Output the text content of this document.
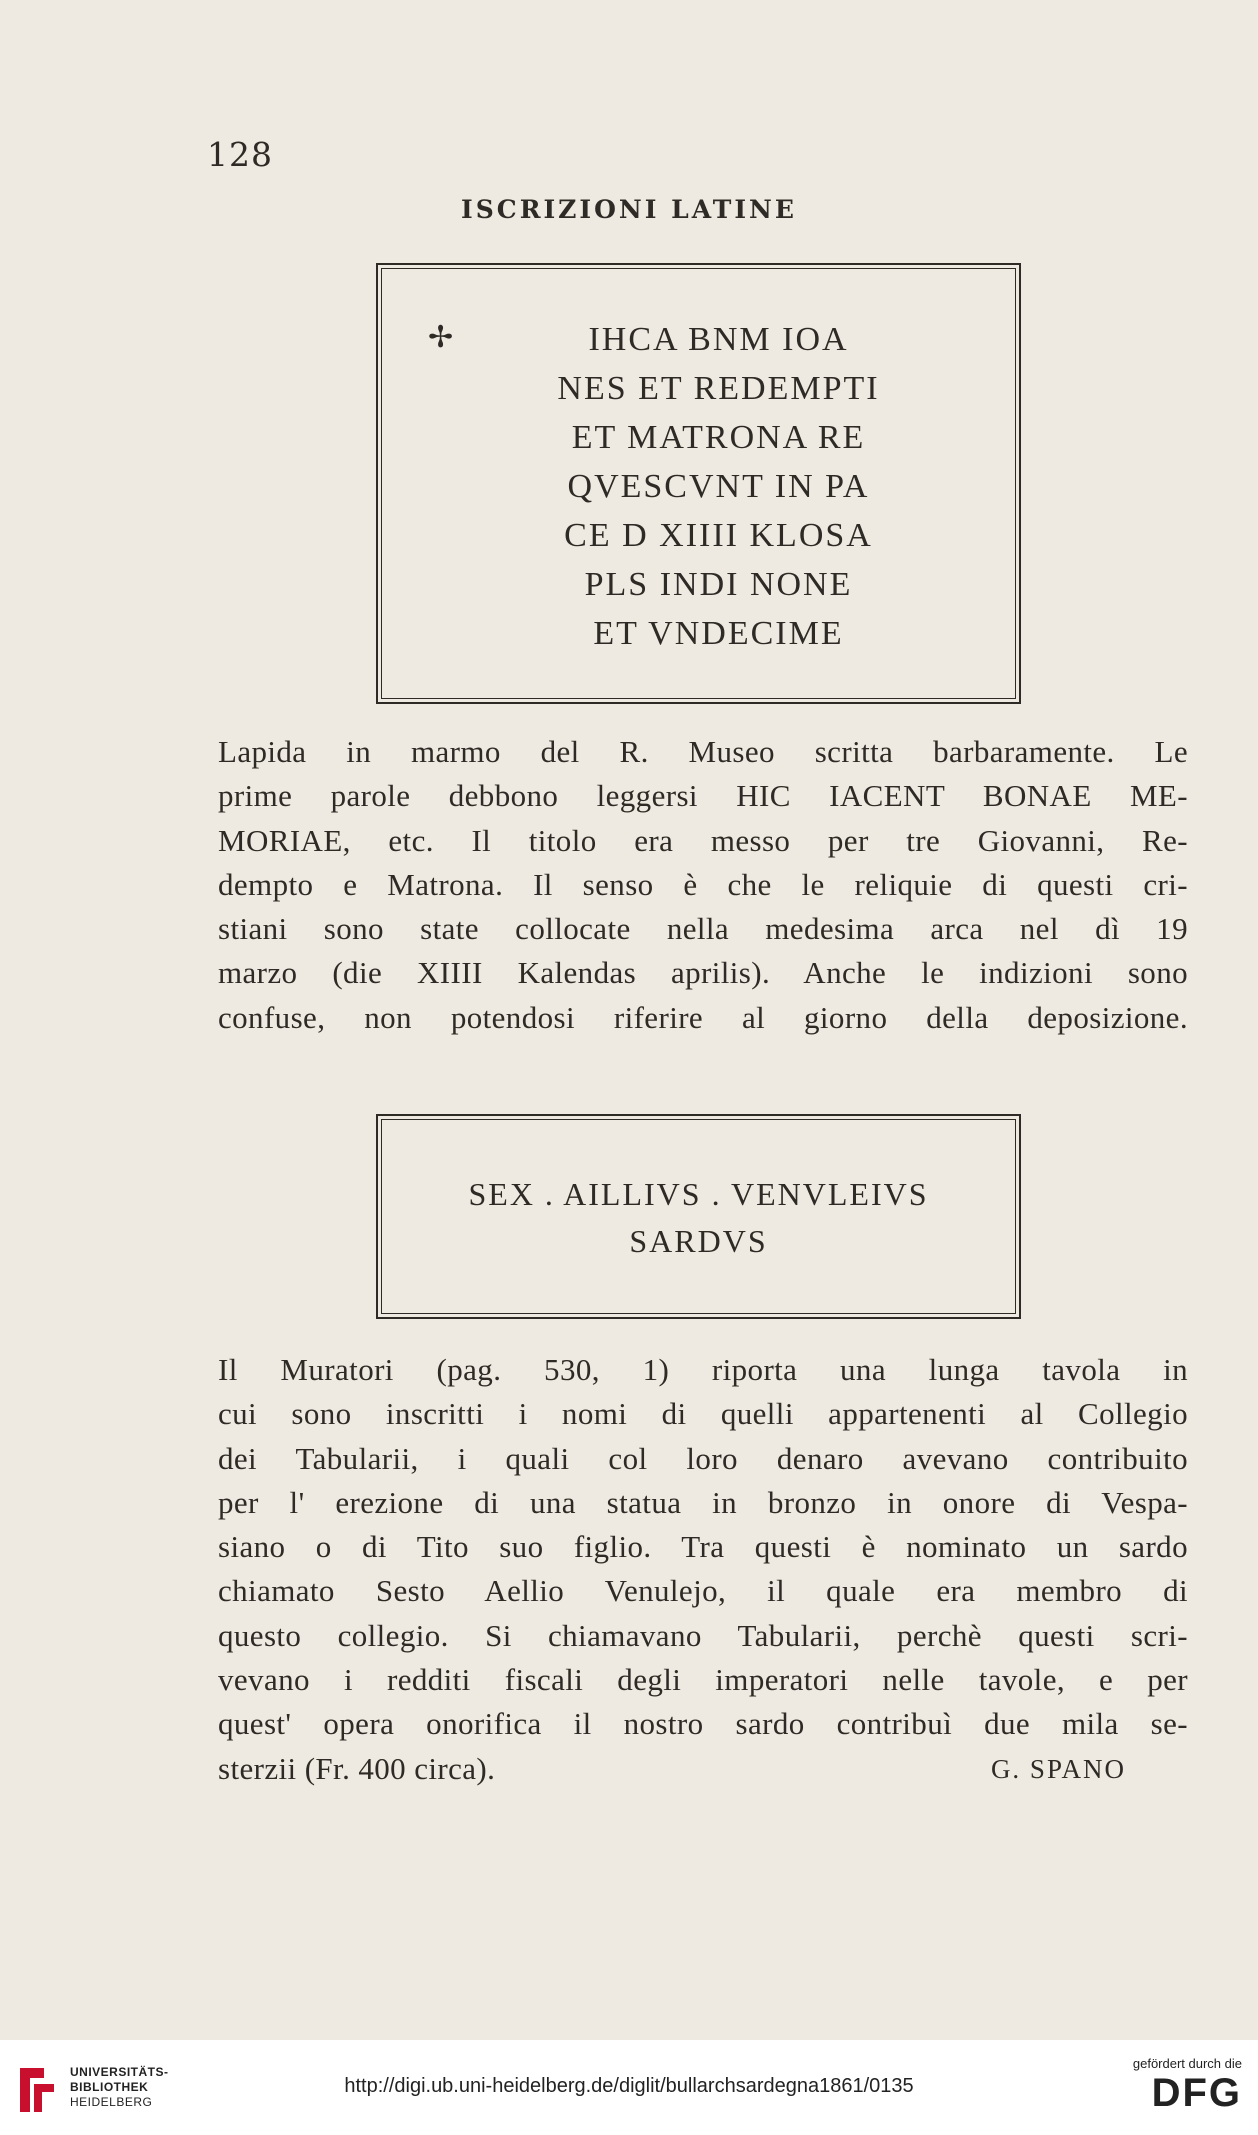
128
ISCRIZIONI LATINE
✢	IHCA BNM IOA
NES ET REDEMPTI
ET MATRONA RE
QVESCVNT IN PA
CE D XIIII KLOSA
PLS INDI NONE
ET VNDECIME
Lapida in marmo del R. Museo scritta barbaramente. Le
prime parole debbono leggersi HIC IACENT BONAE ME-
MORIAE, etc. Il titolo era messo per tre Giovanni, Re-
dempto e Matrona. Il senso è che le reliquie di questi cri-
stiani sono state collocate nella medesima arca nel dì 19
marzo (die XIIII Kalendas aprilis). Anche le indizioni sono
confuse, non potendosi riferire al giorno della deposizione.
SEX . AILLIVS . VENVLEIVS
SARDVS
Il Muratori (pag. 530, 1) riporta una lunga tavola in
cui sono inscritti i nomi di quelli appartenenti al Collegio
dei Tabularii, i quali col loro denaro avevano contribuito
per l' erezione di una statua in bronzo in onore di Vespa-
siano o di Tito suo figlio. Tra questi è nominato un sardo
chiamato Sesto Aellio Venulejo, il quale era membro di
questo collegio. Si chiamavano Tabularii, perchè questi scri-
vevano i redditi fiscali degli imperatori nelle tavole, e per
quest' opera onorifica il nostro sardo contribuì due mila se-
sterzii (Fr. 400 circa).	G. SPANO
UNIVERSITÄTS-
BIBLIOTHEK
HEIDELBERG
http://digi.ub.uni-heidelberg.de/diglit/bullarchsardegna1861/0135
gefördert durch die
DFG
